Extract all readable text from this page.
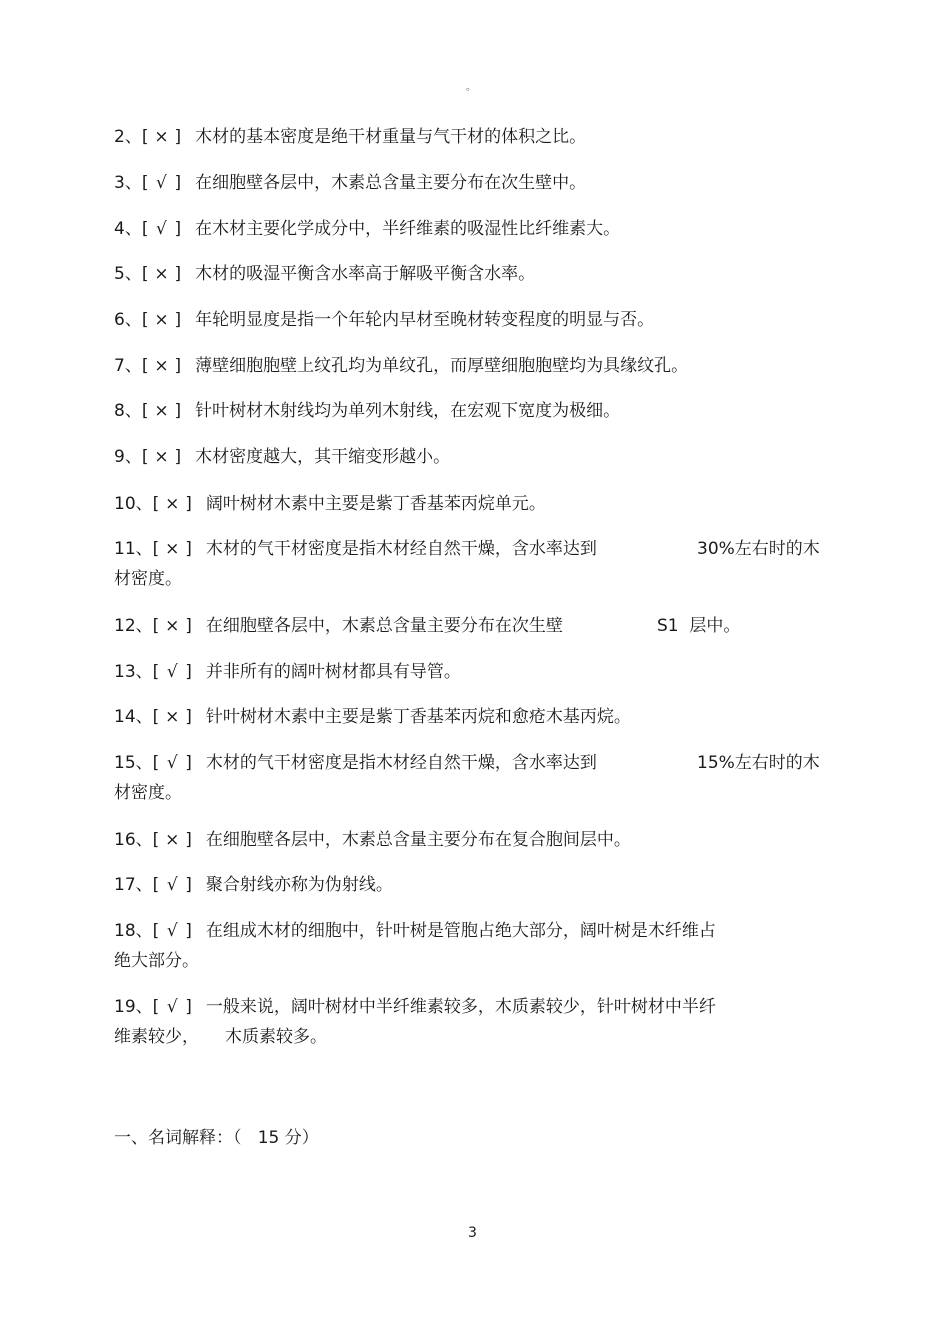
。
2、[ × ] 木材的基本密度是绝干材重量与气干材的体积之比。
3、[ √ ] 在细胞壁各层中，木素总含量主要分布在次生壁中。
4、[ √ ] 在木材主要化学成分中，半纤维素的吸湿性比纤维素大。
5、[ × ] 木材的吸湿平衡含水率高于解吸平衡含水率。
6、[ × ] 年轮明显度是指一个年轮内早材至晚材转变程度的明显与否。
7、[ × ] 薄壁细胞胞壁上纹孔均为单纹孔，而厚壁细胞胞壁均为具缘纹孔。
8、[ × ] 针叶树材木射线均为单列木射线，在宏观下宽度为极细。
9、[ × ] 木材密度越大，其干缩变形越小。
10、[ × ] 阔叶树材木素中主要是紫丁香基苯丙烷单元。
11、[ × ] 木材的气干材密度是指木材经自然干燥，含水率达到	30%左右时的木
材密度。
12、[ × ] 在细胞壁各层中，木素总含量主要分布在次生壁	S1  层中。
13、[ √ ] 并非所有的阔叶树材都具有导管。
14、[ × ] 针叶树材木素中主要是紫丁香基苯丙烷和愈疮木基丙烷。
15、[ √ ] 木材的气干材密度是指木材经自然干燥，含水率达到	15%左右时的木
材密度。
16、[ × ] 在细胞壁各层中，木素总含量主要分布在复合胞间层中。
17、[ √ ] 聚合射线亦称为伪射线。
18、[ √ ] 在组成木材的细胞中，针叶树是管胞占绝大部分，阔叶树是木纤维占
绝大部分。
19、[ √ ] 一般来说，阔叶树材中半纤维素较多，木质素较少，针叶树材中半纤
维素较少， 木质素较多。
一、名词解释：（   15 分）
3
